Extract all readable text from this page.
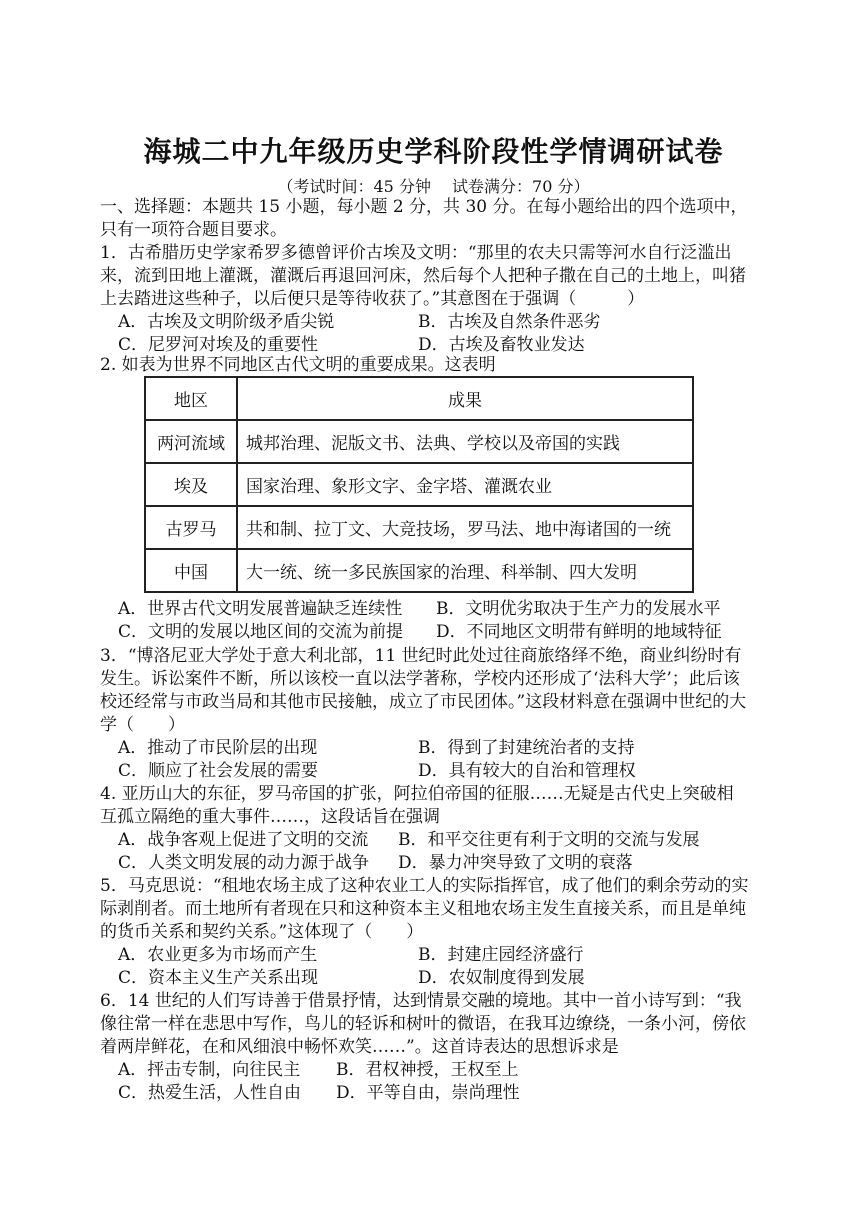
海城二中九年级历史学科阶段性学情调研试卷
（考试时间：45 分钟　 试卷满分：70 分）
一、选择题：本题共 15 小题，每小题 2 分，共 30 分。在每小题给出的四个选项中，只有一项符合题目要求。

1．古希腊历史学家希罗多德曾评价古埃及文明：“那里的农夫只需等河水自行泛滥出来，流到田地上灌溉，灌溉后再退回河床，然后每个人把种子撒在自己的土地上，叫猪上去踏进这些种子，以后便只是等待收获了。”其意图在于强调（　　　）

A．古埃及文明阶级矛盾尖锐	B．古埃及自然条件恶劣
C．尼罗河对埃及的重要性	D．古埃及畜牧业发达

2. 如表为世界不同地区古代文明的重要成果。这表明

地区	成果
两河流域	城邦治理、泥版文书、法典、学校以及帝国的实践
埃及	国家治理、象形文字、金字塔、灌溉农业
古罗马	共和制、拉丁文、大竞技场，罗马法、地中海诸国的一统
中国	大一统、统一多民族国家的治理、科举制、四大发明
A．世界古代文明发展普遍缺乏连续性	B．文明优劣取决于生产力的发展水平
C．文明的发展以地区间的交流为前提	D．不同地区文明带有鲜明的地域特征

3．“博洛尼亚大学处于意大利北部，11 世纪时此处过往商旅络绎不绝，商业纠纷时有发生。诉讼案件不断，所以该校一直以法学著称，学校内还形成了‘法科大学’；此后该校还经常与市政当局和其他市民接触，成立了市民团体。”这段材料意在强调中世纪的大学（　　）

A．推动了市民阶层的出现	B．得到了封建统治者的支持
C．顺应了社会发展的需要	D．具有较大的自治和管理权

4. 亚历山大的东征，罗马帝国的扩张，阿拉伯帝国的征服……无疑是古代史上突破相互孤立隔绝的重大事件……，这段话旨在强调

A．战争客观上促进了文明的交流	B．和平交往更有利于文明的交流与发展
C．人类文明发展的动力源于战争	D．暴力冲突导致了文明的衰落

5．马克思说：“租地农场主成了这种农业工人的实际指挥官，成了他们的剩余劳动的实际剥削者。而土地所有者现在只和这种资本主义租地农场主发生直接关系，而且是单纯的货币关系和契约关系。”这体现了（　　）

A．农业更多为市场而产生	B．封建庄园经济盛行
C．资本主义生产关系出现	D．农奴制度得到发展

6．14 世纪的人们写诗善于借景抒情，达到情景交融的境地。其中一首小诗写到：“我像往常一样在悲思中写作，鸟儿的轻诉和树叶的微语，在我耳边缭绕，一条小河，傍依着两岸鲜花，在和风细浪中畅怀欢笑……”。这首诗表达的思想诉求是

A．抨击专制，向往民主	B．君权神授，王权至上
C．热爱生活，人性自由	D．平等自由，崇尚理性
